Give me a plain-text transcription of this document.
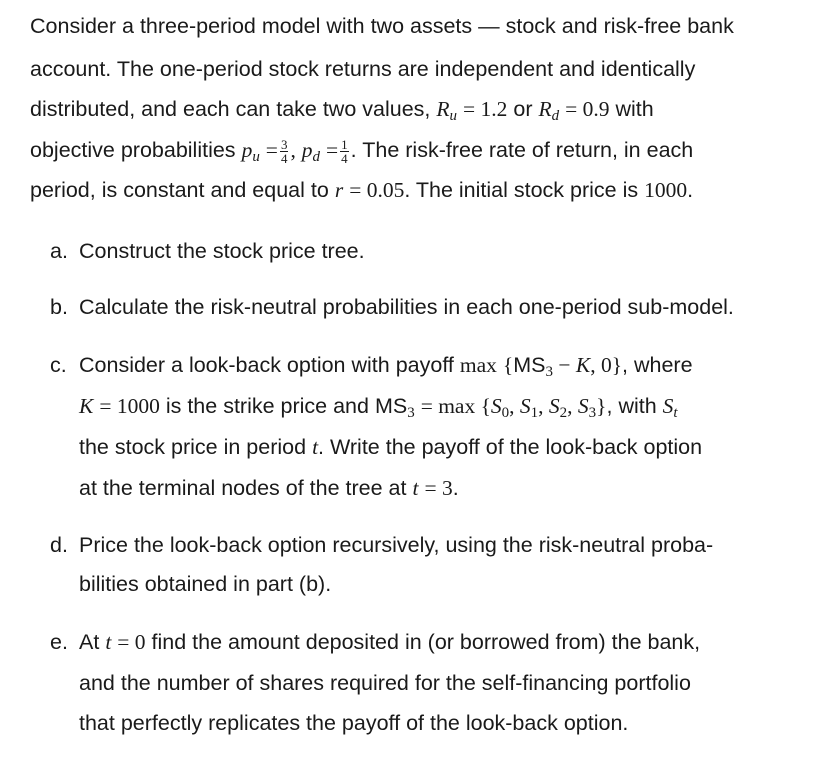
Consider a three-period model with two assets — stock and risk-free bank
account. The one-period stock returns are independent and identically
distributed, and each can take two values, $R_u = 1.2$ or $R_d = 0.9$ with
objective probabilities $p_u = \frac{3}{4}$ , $p_d = \frac{1}{4}$ . The risk-free rate of return, in each
period, is constant and equal to r = 0.05. The initial stock price is 1000.
a. Construct the stock price tree.
b. Calculate the risk-neutral probabilities in each one-period sub-model.
c. Consider a look-back option with payoff max {MS3 − K, 0}, where
K = 1000 is the strike price and MS3 = max {S0, S1, S2, S3}, with $S_t$
the stock price in period t. Write the payoff of the look-back option
at the terminal nodes of the tree at t = 3.
d. Price the look-back option recursively, using the risk-neutral proba-
bilities obtained in part (b).
e. At t = 0 find the amount deposited in (or borrowed from) the bank,
and the number of shares required for the self-financing portfolio
that perfectly replicates the payoff of the look-back option.
